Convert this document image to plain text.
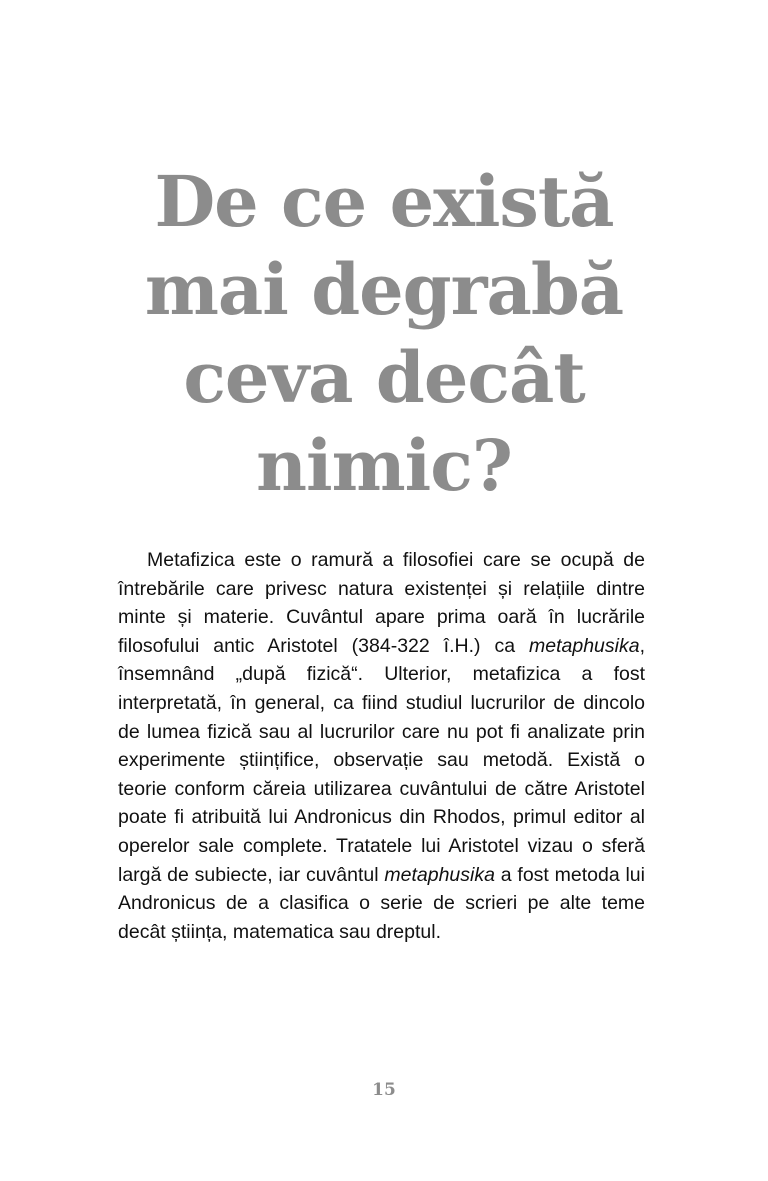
De ce există
mai degrabă
ceva decât
nimic?

Metafizica este o ramură a filosofiei care se ocupă de întrebările care privesc natura existenței și relațiile dintre minte și materie. Cuvântul apare prima oară în lucrările filosofului antic Aristotel (384-322 î.H.) ca metaphusika, însemnând „după fizică“. Ulterior, metafizica a fost interpretată, în general, ca fiind studiul lucrurilor de dincolo de lumea fizică sau al lucrurilor care nu pot fi analizate prin experimente științifice, observație sau metodă. Există o teorie conform căreia utilizarea cuvântului de către Aristotel poate fi atribuită lui Andronicus din Rhodos, primul editor al operelor sale complete. Tratatele lui Aristotel vizau o sferă largă de subiecte, iar cuvântul metaphusika a fost metoda lui Andronicus de a clasifica o serie de scrieri pe alte teme decât știința, matematica sau dreptul.

15
